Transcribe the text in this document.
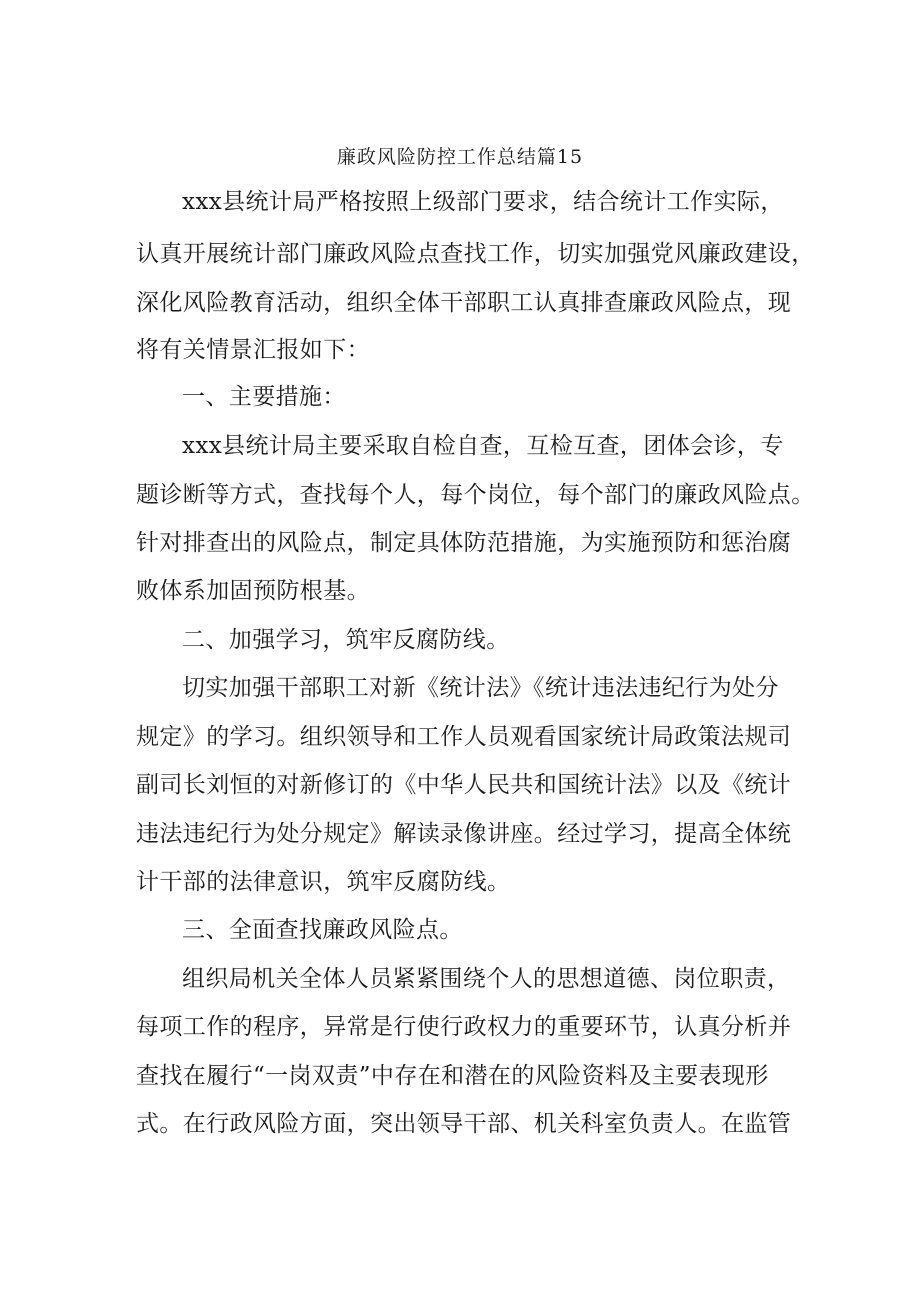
廉政风险防控工作总结篇15
xxx县统计局严格按照上级部门要求，结合统计工作实际，
认真开展统计部门廉政风险点查找工作，切实加强党风廉政建设，
深化风险教育活动，组织全体干部职工认真排查廉政风险点，现
将有关情景汇报如下：
一、主要措施：
xxx县统计局主要采取自检自查，互检互查，团体会诊，专
题诊断等方式，查找每个人，每个岗位，每个部门的廉政风险点。
针对排查出的风险点，制定具体防范措施，为实施预防和惩治腐
败体系加固预防根基。
二、加强学习，筑牢反腐防线。
切实加强干部职工对新《统计法》《统计违法违纪行为处分
规定》的学习。组织领导和工作人员观看国家统计局政策法规司
副司长刘恒的对新修订的《中华人民共和国统计法》以及《统计
违法违纪行为处分规定》解读录像讲座。经过学习，提高全体统
计干部的法律意识，筑牢反腐防线。
三、全面查找廉政风险点。
组织局机关全体人员紧紧围绕个人的思想道德、岗位职责，
每项工作的程序，异常是行使行政权力的重要环节，认真分析并
查找在履行“一岗双责”中存在和潜在的风险资料及主要表现形
式。在行政风险方面，突出领导干部、机关科室负责人。在监管
